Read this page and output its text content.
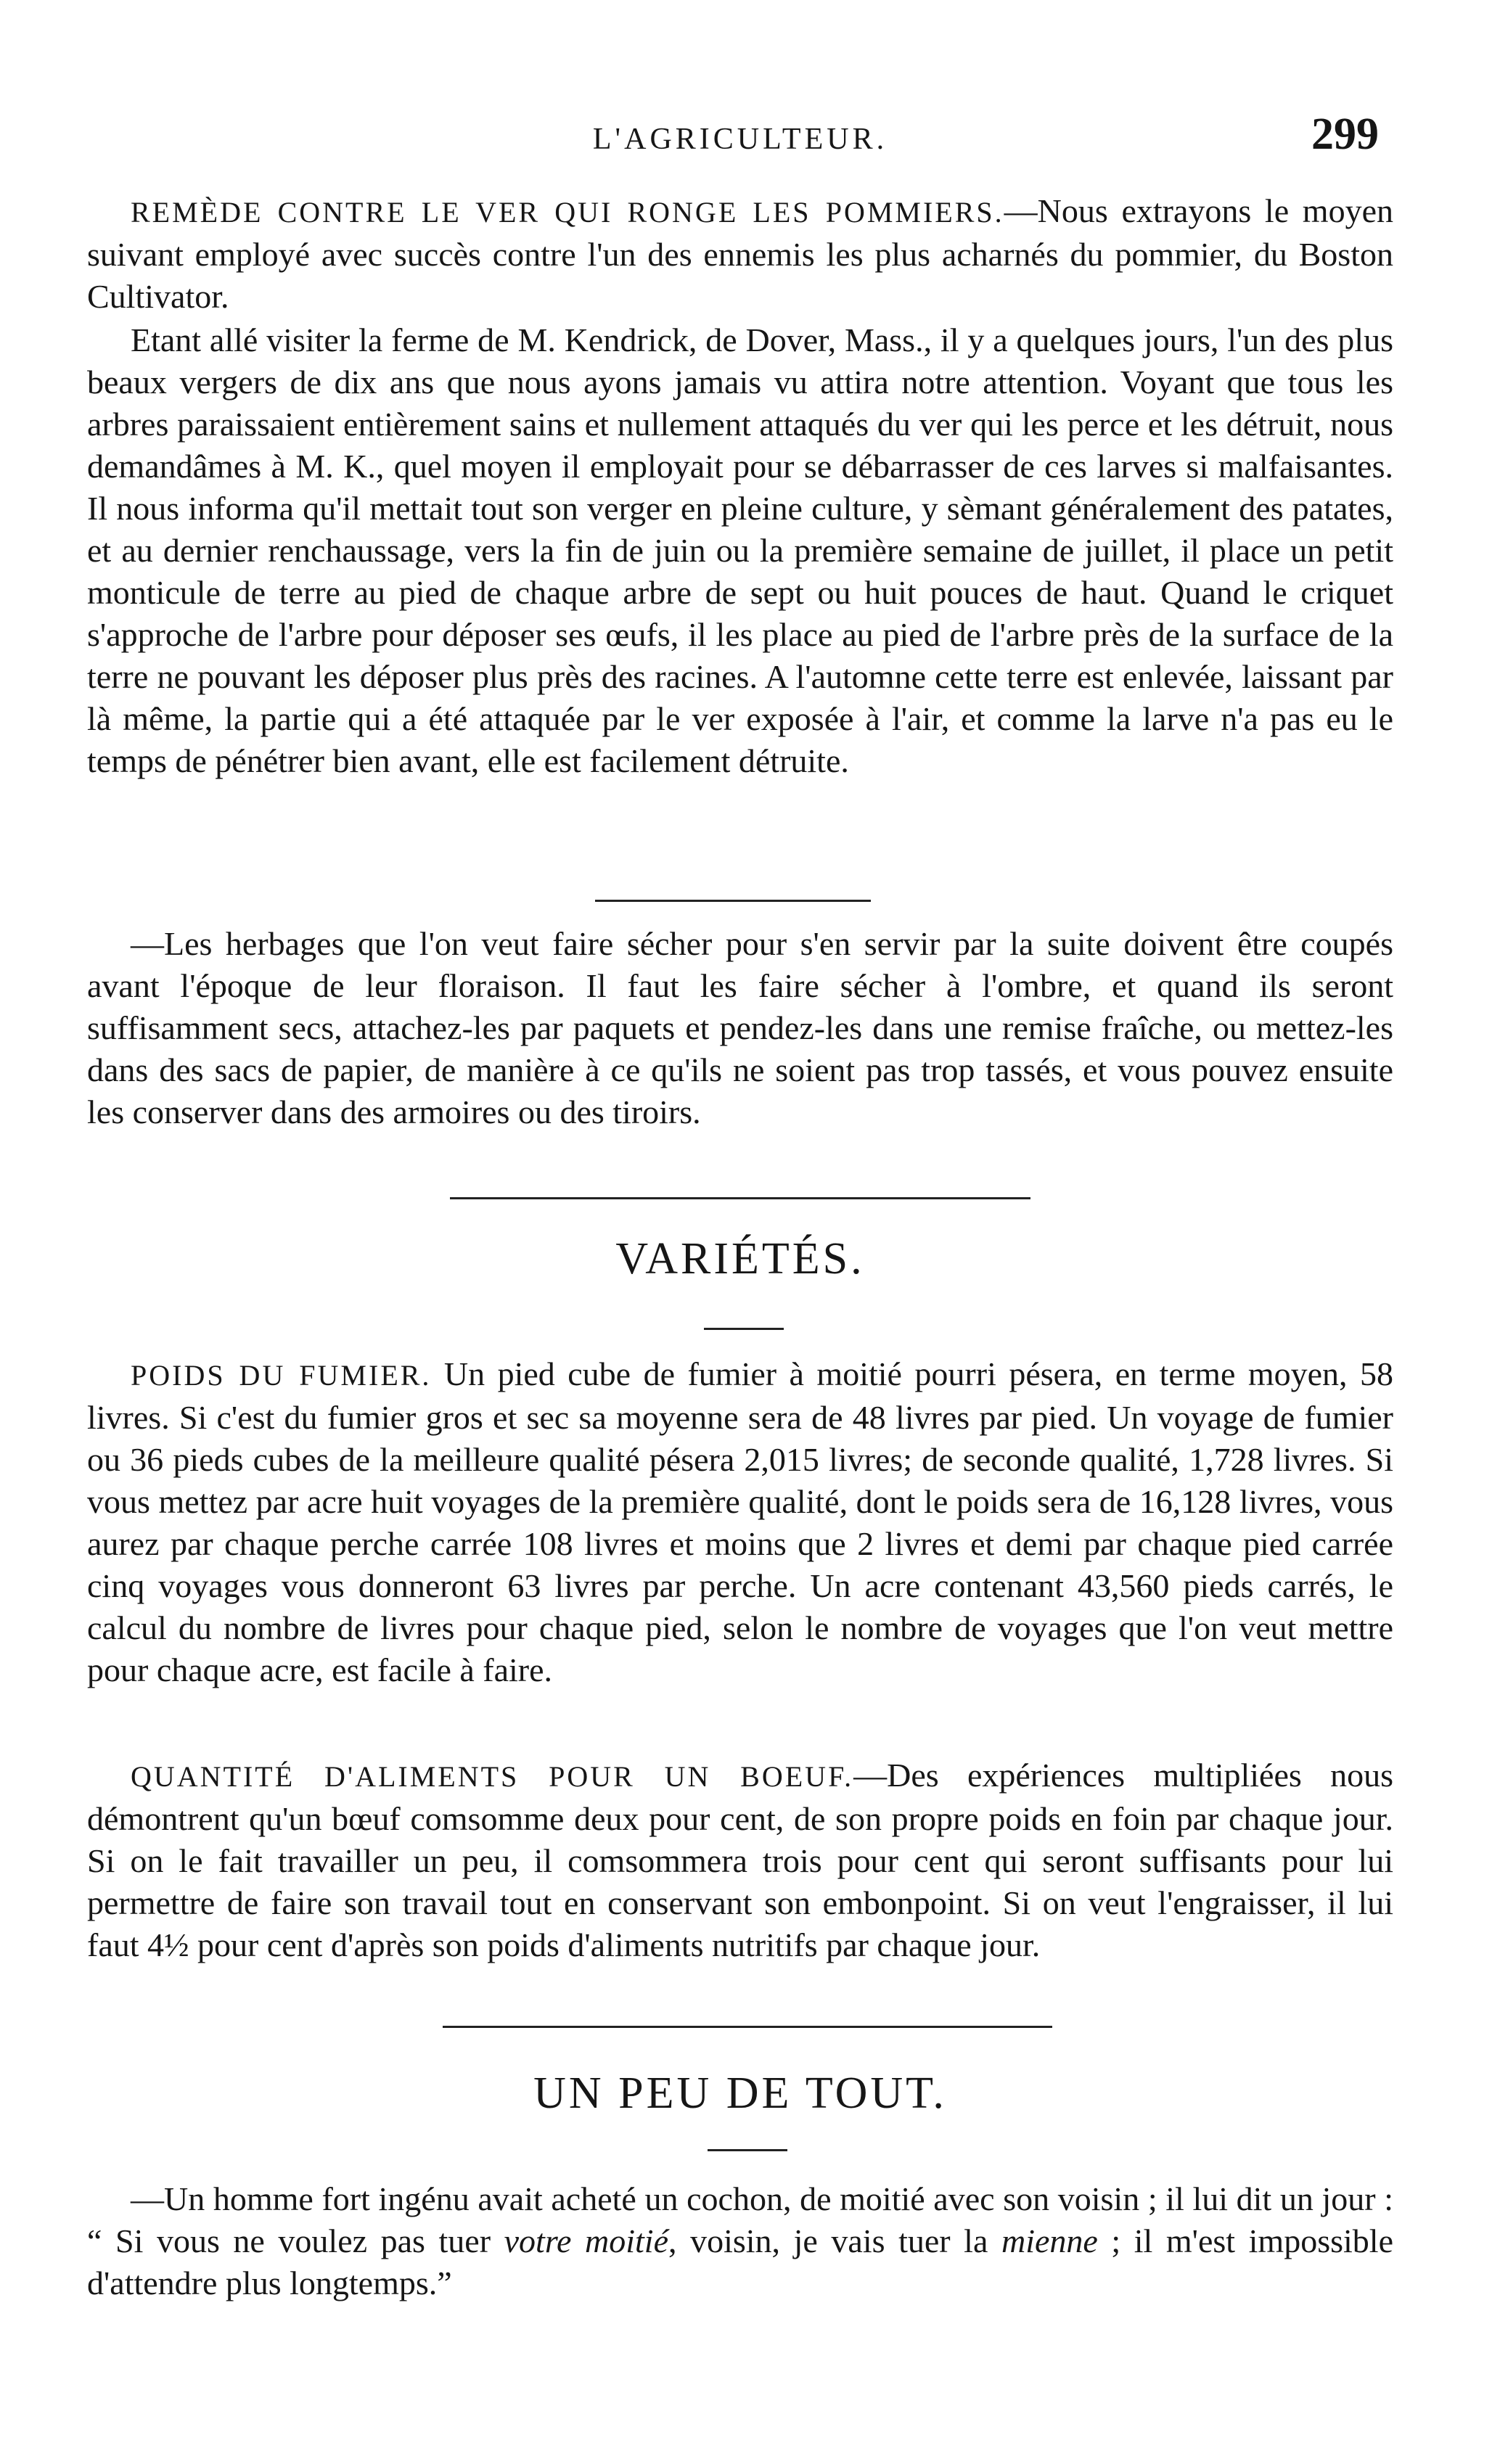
L'AGRICULTEUR.	299

REMÈDE CONTRE LE VER QUI RONGE LES POMMIERS.—Nous extrayons le moyen suivant employé avec succès contre l'un des ennemis les plus acharnés du pommier, du Boston Cultivator.

Etant allé visiter la ferme de M. Kendrick, de Dover, Mass., il y a quelques jours, l'un des plus beaux vergers de dix ans que nous ayons jamais vu attira notre attention. Voyant que tous les arbres paraissaient entièrement sains et nullement attaqués du ver qui les perce et les détruit, nous demandâmes à M. K., quel moyen il employait pour se débarrasser de ces larves si malfaisantes. Il nous informa qu'il mettait tout son verger en pleine culture, y sèmant généralement des patates, et au dernier renchaussage, vers la fin de juin ou la première semaine de juillet, il place un petit monticule de terre au pied de chaque arbre de sept ou huit pouces de haut. Quand le criquet s'approche de l'arbre pour déposer ses œufs, il les place au pied de l'arbre près de la surface de la terre ne pouvant les déposer plus près des racines. A l'automne cette terre est enlevée, laissant par là même, la partie qui a été attaquée par le ver exposée à l'air, et comme la larve n'a pas eu le temps de pénétrer bien avant, elle est facilement détruite.

—Les herbages que l'on veut faire sécher pour s'en servir par la suite doivent être coupés avant l'époque de leur floraison. Il faut les faire sécher à l'ombre, et quand ils seront suffisamment secs, attachez-les par paquets et pendez-les dans une remise fraîche, ou mettez-les dans des sacs de papier, de manière à ce qu'ils ne soient pas trop tassés, et vous pouvez ensuite les conserver dans des armoires ou des tiroirs.

VARIÉTÉS.

POIDS DU FUMIER. Un pied cube de fumier à moitié pourri pésera, en terme moyen, 58 livres. Si c'est du fumier gros et sec sa moyenne sera de 48 livres par pied. Un voyage de fumier ou 36 pieds cubes de la meilleure qualité pésera 2,015 livres; de seconde qualité, 1,728 livres. Si vous mettez par acre huit voyages de la première qualité, dont le poids sera de 16,128 livres, vous aurez par chaque perche carrée 108 livres et moins que 2 livres et demi par chaque pied carrée cinq voyages vous donneront 63 livres par perche. Un acre contenant 43,560 pieds carrés, le calcul du nombre de livres pour chaque pied, selon le nombre de voyages que l'on veut mettre pour chaque acre, est facile à faire.

QUANTITÉ D'ALIMENTS POUR UN BOEUF.—Des expériences multipliées nous démontrent qu'un bœuf comsomme deux pour cent, de son propre poids en foin par chaque jour. Si on le fait travailler un peu, il comsommera trois pour cent qui seront suffisants pour lui permettre de faire son travail tout en conservant son embonpoint. Si on veut l'engraisser, il lui faut 4½ pour cent d'après son poids d'aliments nutritifs par chaque jour.

UN PEU DE TOUT.

—Un homme fort ingénu avait acheté un cochon, de moitié avec son voisin ; il lui dit un jour : “ Si vous ne voulez pas tuer votre moitié, voisin, je vais tuer la mienne ; il m'est impossible d'attendre plus longtemps.”
